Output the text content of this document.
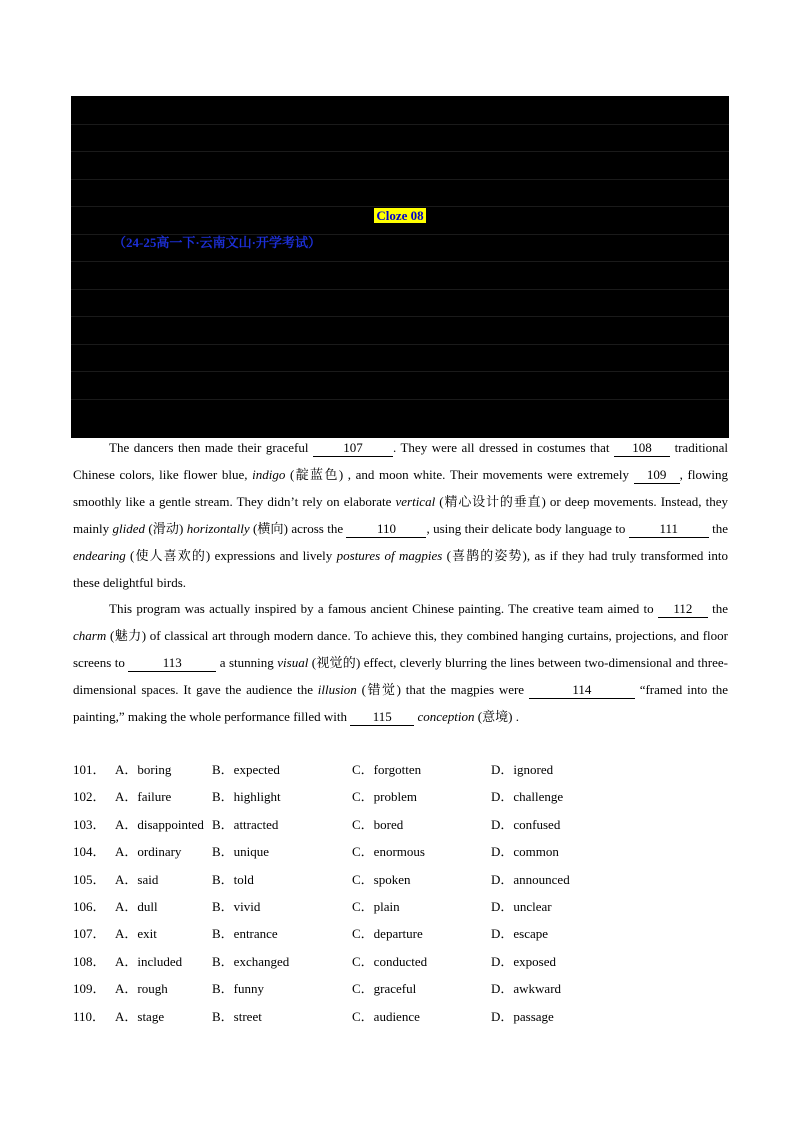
Cloze 08
（24-25高一下·云南文山·开学考试）

The dancers then made their graceful 107 . They were all dressed in costumes that 108 traditional Chinese colors, like flower blue, indigo (靛蓝色) , and moon white. Their movements were extremely 109 , flowing smoothly like a gentle stream. They didn’t rely on elaborate vertical (精心设计的垂直) or deep movements. Instead, they mainly glided (滑动) horizontally (横向) across the 110 , using their delicate body language to 111 the endearing (使人喜欢的) expressions and lively postures of magpies (喜鹊的姿势), as if they had truly transformed into these delightful birds.

This program was actually inspired by a famous ancient Chinese painting. The creative team aimed to 112 the charm (魅力) of classical art through modern dance. To achieve this, they combined hanging curtains, projections, and floor screens to	113	a stunning visual (视觉的) effect, cleverly blurring the lines between two-dimensional and three-dimensional spaces. It gave the audience the illusion (错觉) that the magpies were	114	“framed into the painting,” making the whole performance filled with 115 conception (意境) .

101． A．boring	B．expected	C．forgotten	D．ignored
102． A．failure	B．highlight	C．problem	D．challenge
103． A．disappointed B．attracted	C．bored	D．confused
104． A．ordinary B．unique	C．enormous	D．common
105． A．said	B．told	C．spoken	D．announced
106． A．dull	B．vivid	C．plain	D．unclear
107． A．exit	B．entrance	C．departure	D．escape
108． A．included B．exchanged	C．conducted	D．exposed
109． A．rough	B．funny	C．graceful	D．awkward
110． A．stage	B．street	C．audience	D．passage
